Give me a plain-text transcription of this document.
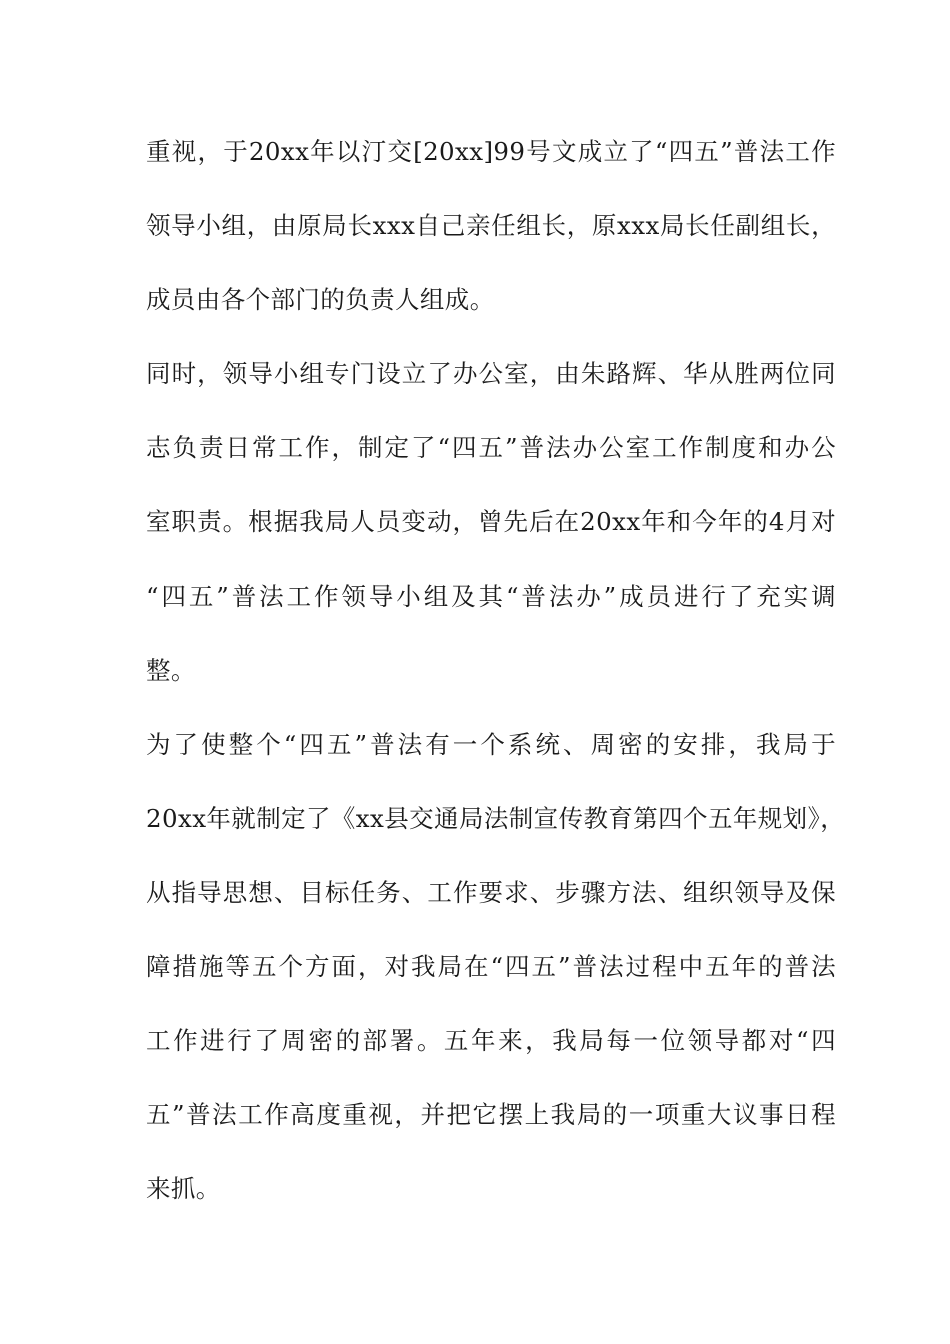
重视，于20xx年以汀交[20xx]99号文成立了“四五”普法工作
领导小组，由原局长xxx自己亲任组长，原xxx局长任副组长，
成员由各个部门的负责人组成。
同时，领导小组专门设立了办公室，由朱路辉、华从胜两位同
志负责日常工作，制定了“四五”普法办公室工作制度和办公
室职责。根据我局人员变动，曾先后在20xx年和今年的4月对
“四五”普法工作领导小组及其“普法办”成员进行了充实调
整。
为了使整个“四五”普法有一个系统、周密的安排，我局于
20xx年就制定了《xx县交通局法制宣传教育第四个五年规划》，
从指导思想、目标任务、工作要求、步骤方法、组织领导及保
障措施等五个方面，对我局在“四五”普法过程中五年的普法
工作进行了周密的部署。五年来，我局每一位领导都对“四
五”普法工作高度重视，并把它摆上我局的一项重大议事日程
来抓。
